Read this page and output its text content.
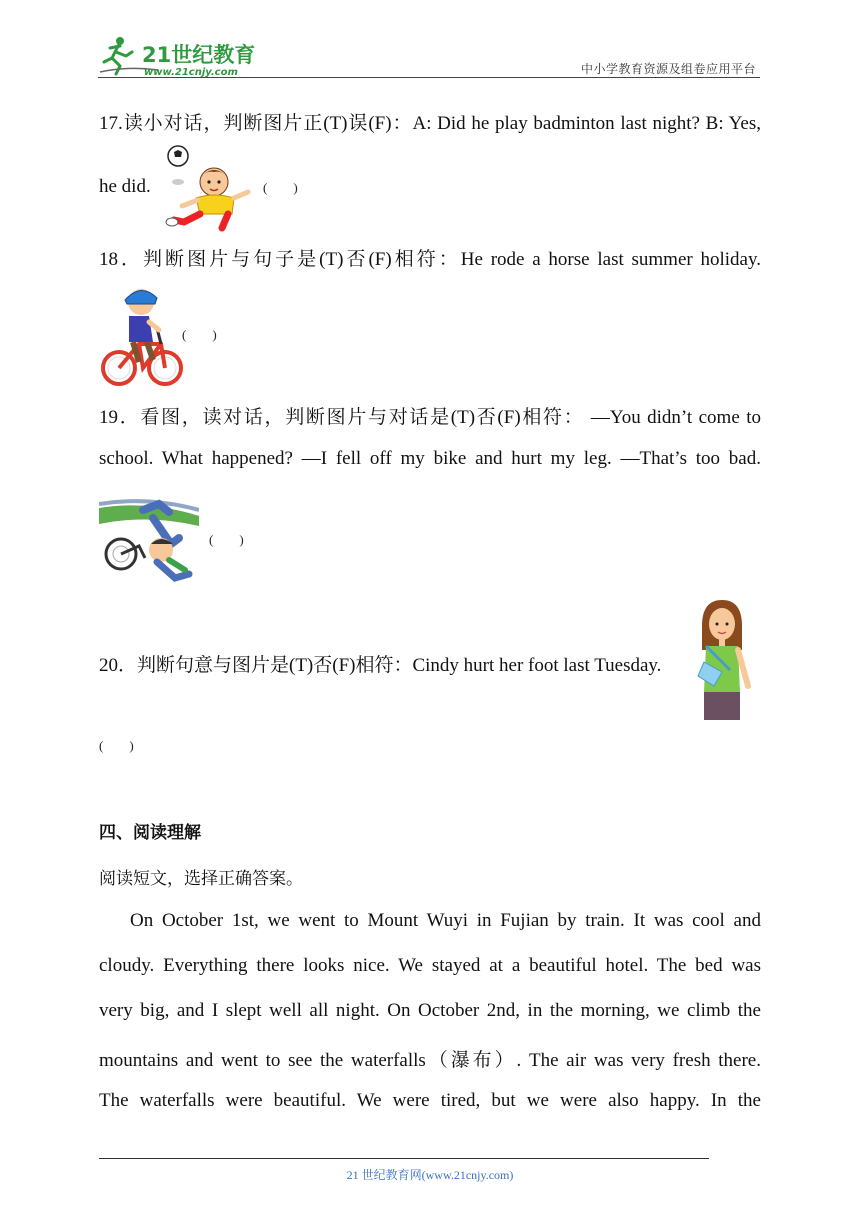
21世纪教育
www.21cnjy.com	中小学教育资源及组卷应用平台
17.读小对话，判断图片正(T)误(F)：A: Did he play badminton last night? B: Yes,
he did.	(        )
18．判断图片与句子是(T)否(F)相符：He rode a horse last summer holiday.
(        )
19．看图，读对话，判断图片与对话是(T)否(F)相符： —You didn’t come to
school. What happened? —I fell off my bike and hurt my leg. —That’s too bad.
(        )
20．判断句意与图片是(T)否(F)相符：Cindy hurt her foot last Tuesday.
(        )
四、阅读理解
阅读短文，选择正确答案。
On October 1st, we went to Mount Wuyi in Fujian by train. It was cool and
cloudy. Everything there looks nice. We stayed at a beautiful hotel. The bed was
very big, and I slept well all night. On October 2nd, in the morning, we climb the
mountains and went to see the waterfalls（瀑布）. The air was very fresh there.
The waterfalls were beautiful. We were tired, but we were also happy. In the
21 世纪教育网(www.21cnjy.com)
